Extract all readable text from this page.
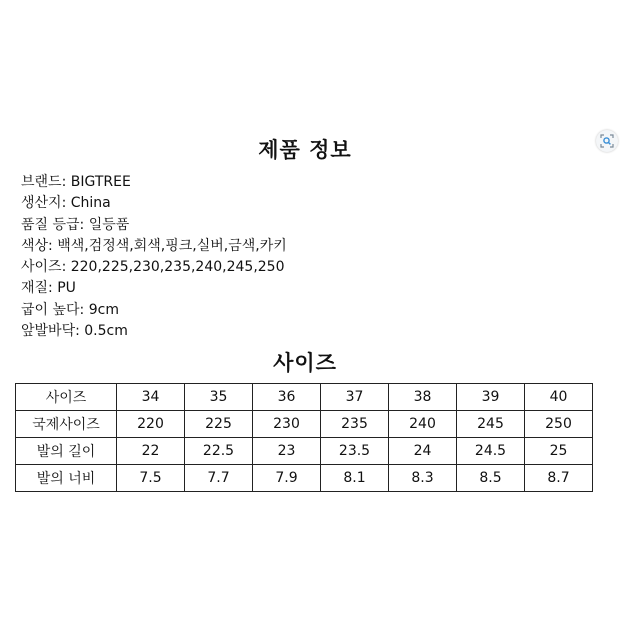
제품 정보
브랜드: BIGTREE
생산지: China
품질 등급: 일등품
색상: 백색,검정색,회색,핑크,실버,금색,카키
사이즈: 220,225,230,235,240,245,250
재질: PU
굽이 높다: 9cm
앞발바닥: 0.5cm
사이즈
사이즈	34	35	36	37	38	39	40
국제사이즈	220	225	230	235	240	245	250
발의 길이	22	22.5	23	23.5	24	24.5	25
발의 너비	7.5	7.7	7.9	8.1	8.3	8.5	8.7
